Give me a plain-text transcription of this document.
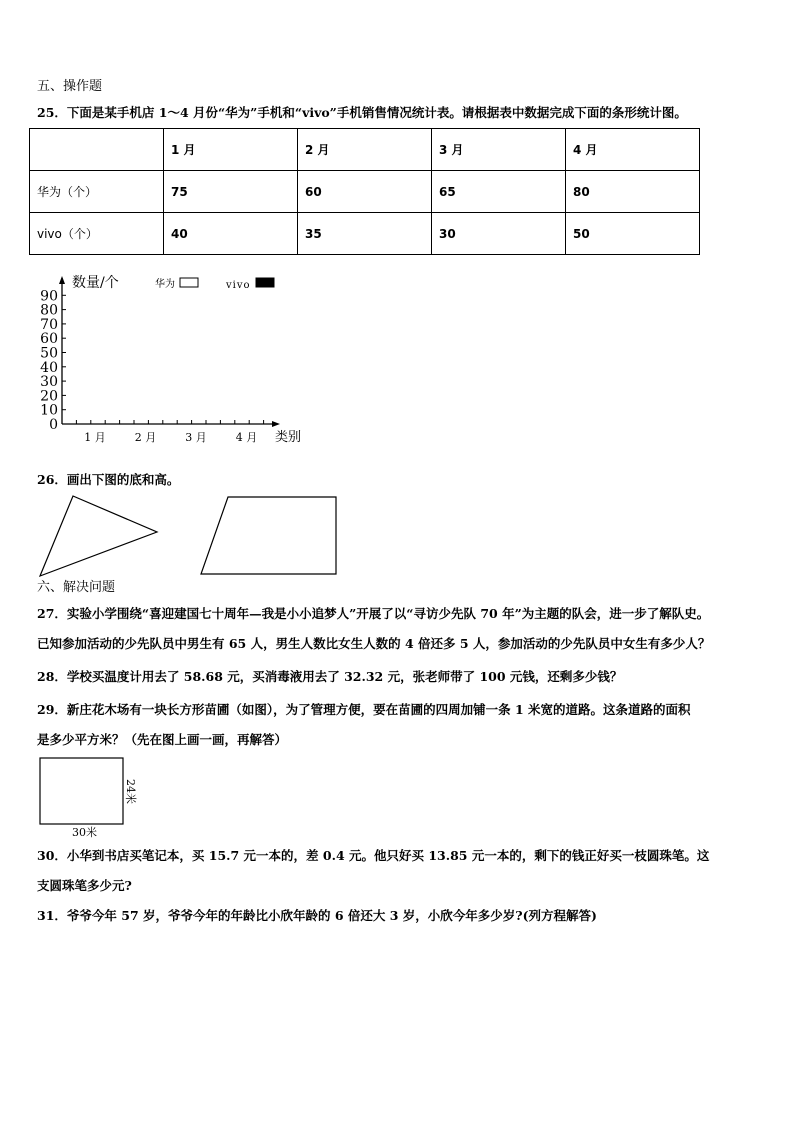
五、操作题
25．下面是某手机店 1～4 月份“华为”手机和“vivo”手机销售情况统计表。请根据表中数据完成下面的条形统计图。
	1 月	2 月	3 月	4 月
华为（个）	75	60	65	80
vivo（个）	40	35	30	50
0
10
20
30
40
50
60
70
80
90
1 月	2 月	3 月	4 月 类别
数量/个	华为	vivo
26．画出下图的底和高。
六、解决问题
27．实验小学围绕“喜迎建国七十周年—我是小小追梦人”开展了以“寻访少先队 70 年”为主题的队会，进一步了解队史。
已知参加活动的少先队员中男生有 65 人，男生人数比女生人数的 4 倍还多 5 人，参加活动的少先队员中女生有多少人？
28．学校买温度计用去了 58.68 元，买消毒液用去了 32.32 元，张老师带了 100 元钱，还剩多少钱？
29．新庄花木场有一块长方形苗圃（如图），为了管理方便，要在苗圃的四周加铺一条 1 米宽的道路。这条道路的面积
是多少平方米？（先在图上画一画，再解答）
24米
30米
30．小华到书店买笔记本，买 15.7 元一本的，差 0.4 元。他只好买 13.85 元一本的，剩下的钱正好买一枝圆珠笔。这
支圆珠笔多少元?
31．爷爷今年 57 岁，爷爷今年的年龄比小欣年龄的 6 倍还大 3 岁，小欣今年多少岁?(列方程解答)
